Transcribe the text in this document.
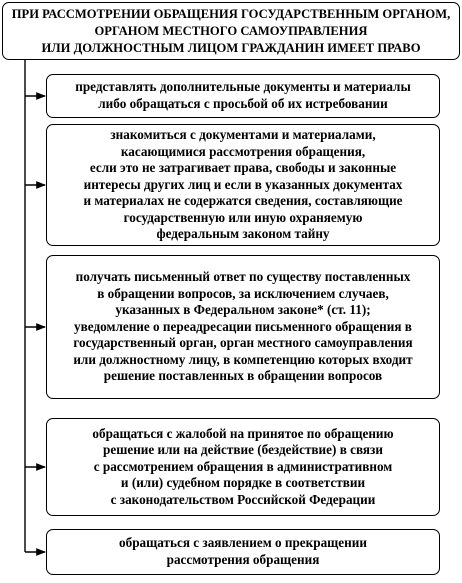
ПРИ РАССМОТРЕНИИ ОБРАЩЕНИЯ ГОСУДАРСТВЕННЫМ ОРГАНОМ,
ОРГАНОМ МЕСТНОГО САМОУПРАВЛЕНИЯ
ИЛИ ДОЛЖНОСТНЫМ ЛИЦОМ ГРАЖДАНИН ИМЕЕТ ПРАВО
представлять дополнительные документы и материалы
либо обращаться с просьбой об их истребовании
знакомиться с документами и материалами,
касающимися рассмотрения обращения,
если это не затрагивает права, свободы и законные
интересы других лиц и если в указанных документах
и материалах не содержатся сведения, составляющие
государственную или иную охраняемую
федеральным законом тайну
получать письменный ответ по существу поставленных
в обращении вопросов, за исключением случаев,
указанных в Федеральном законе* (ст. 11);
уведомление о переадресации письменного обращения в
государственный орган, орган местного самоуправления
или должностному лицу, в компетенцию которых входит
решение поставленных в обращении вопросов
обращаться с жалобой на принятое по обращению
решение или на действие (бездействие) в связи
с рассмотрением обращения в административном
и (или) судебном порядке в соответствии
с законодательством Российской Федерации
обращаться с заявлением о прекращении
рассмотрения обращения
